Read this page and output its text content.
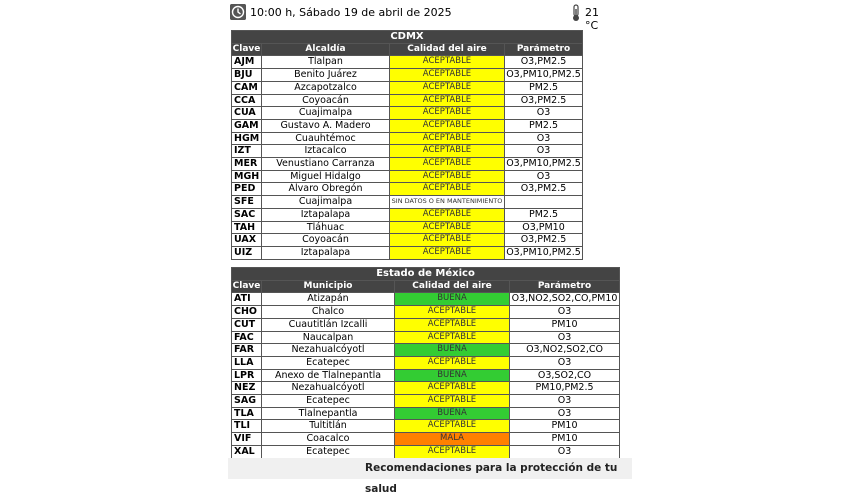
10:00 h, Sábado 19 de abril de 2025	21 °C
CDMX			
Clave	Alcaldía	Calidad del aire	Parámetro
AJM	Tlalpan	ACEPTABLE	O3,PM2.5
BJU	Benito Juárez	ACEPTABLE	O3,PM10,PM2.5
CAM	Azcapotzalco	ACEPTABLE	PM2.5
CCA	Coyoacán	ACEPTABLE	O3,PM2.5
CUA	Cuajimalpa	ACEPTABLE	O3
GAM	Gustavo A. Madero	ACEPTABLE	PM2.5
HGM	Cuauhtémoc	ACEPTABLE	O3
IZT	Iztacalco	ACEPTABLE	O3
MER	Venustiano Carranza	ACEPTABLE	O3,PM10,PM2.5
MGH	Miguel Hidalgo	ACEPTABLE	O3
PED	Álvaro Obregón	ACEPTABLE	O3,PM2.5
SFE	Cuajimalpa	SIN DATOS O EN MANTENIMIENTO	
SAC	Iztapalapa	ACEPTABLE	PM2.5
TAH	Tláhuac	ACEPTABLE	O3,PM10
UAX	Coyoacán	ACEPTABLE	O3,PM2.5
UIZ	Iztapalapa	ACEPTABLE	O3,PM10,PM2.5
Estado de México			
Clave	Municipio	Calidad del aire	Parámetro
ATI	Atizapán	BUENA	O3,NO2,SO2,CO,PM10
CHO	Chalco	ACEPTABLE	O3
CUT	Cuautitlán Izcalli	ACEPTABLE	PM10
FAC	Naucalpan	ACEPTABLE	O3
FAR	Nezahualcóyotl	BUENA	O3,NO2,SO2,CO
LLA	Ecatepec	ACEPTABLE	O3
LPR	Anexo de Tlalnepantla	BUENA	O3,SO2,CO
NEZ	Nezahualcóyotl	ACEPTABLE	PM10,PM2.5
SAG	Ecatepec	ACEPTABLE	O3
TLA	Tlalnepantla	BUENA	O3
TLI	Tultitlán	ACEPTABLE	PM10
VIF	Coacalco	MALA	PM10
XAL	Ecatepec	ACEPTABLE	O3
Recomendaciones para la protección de tu salud
